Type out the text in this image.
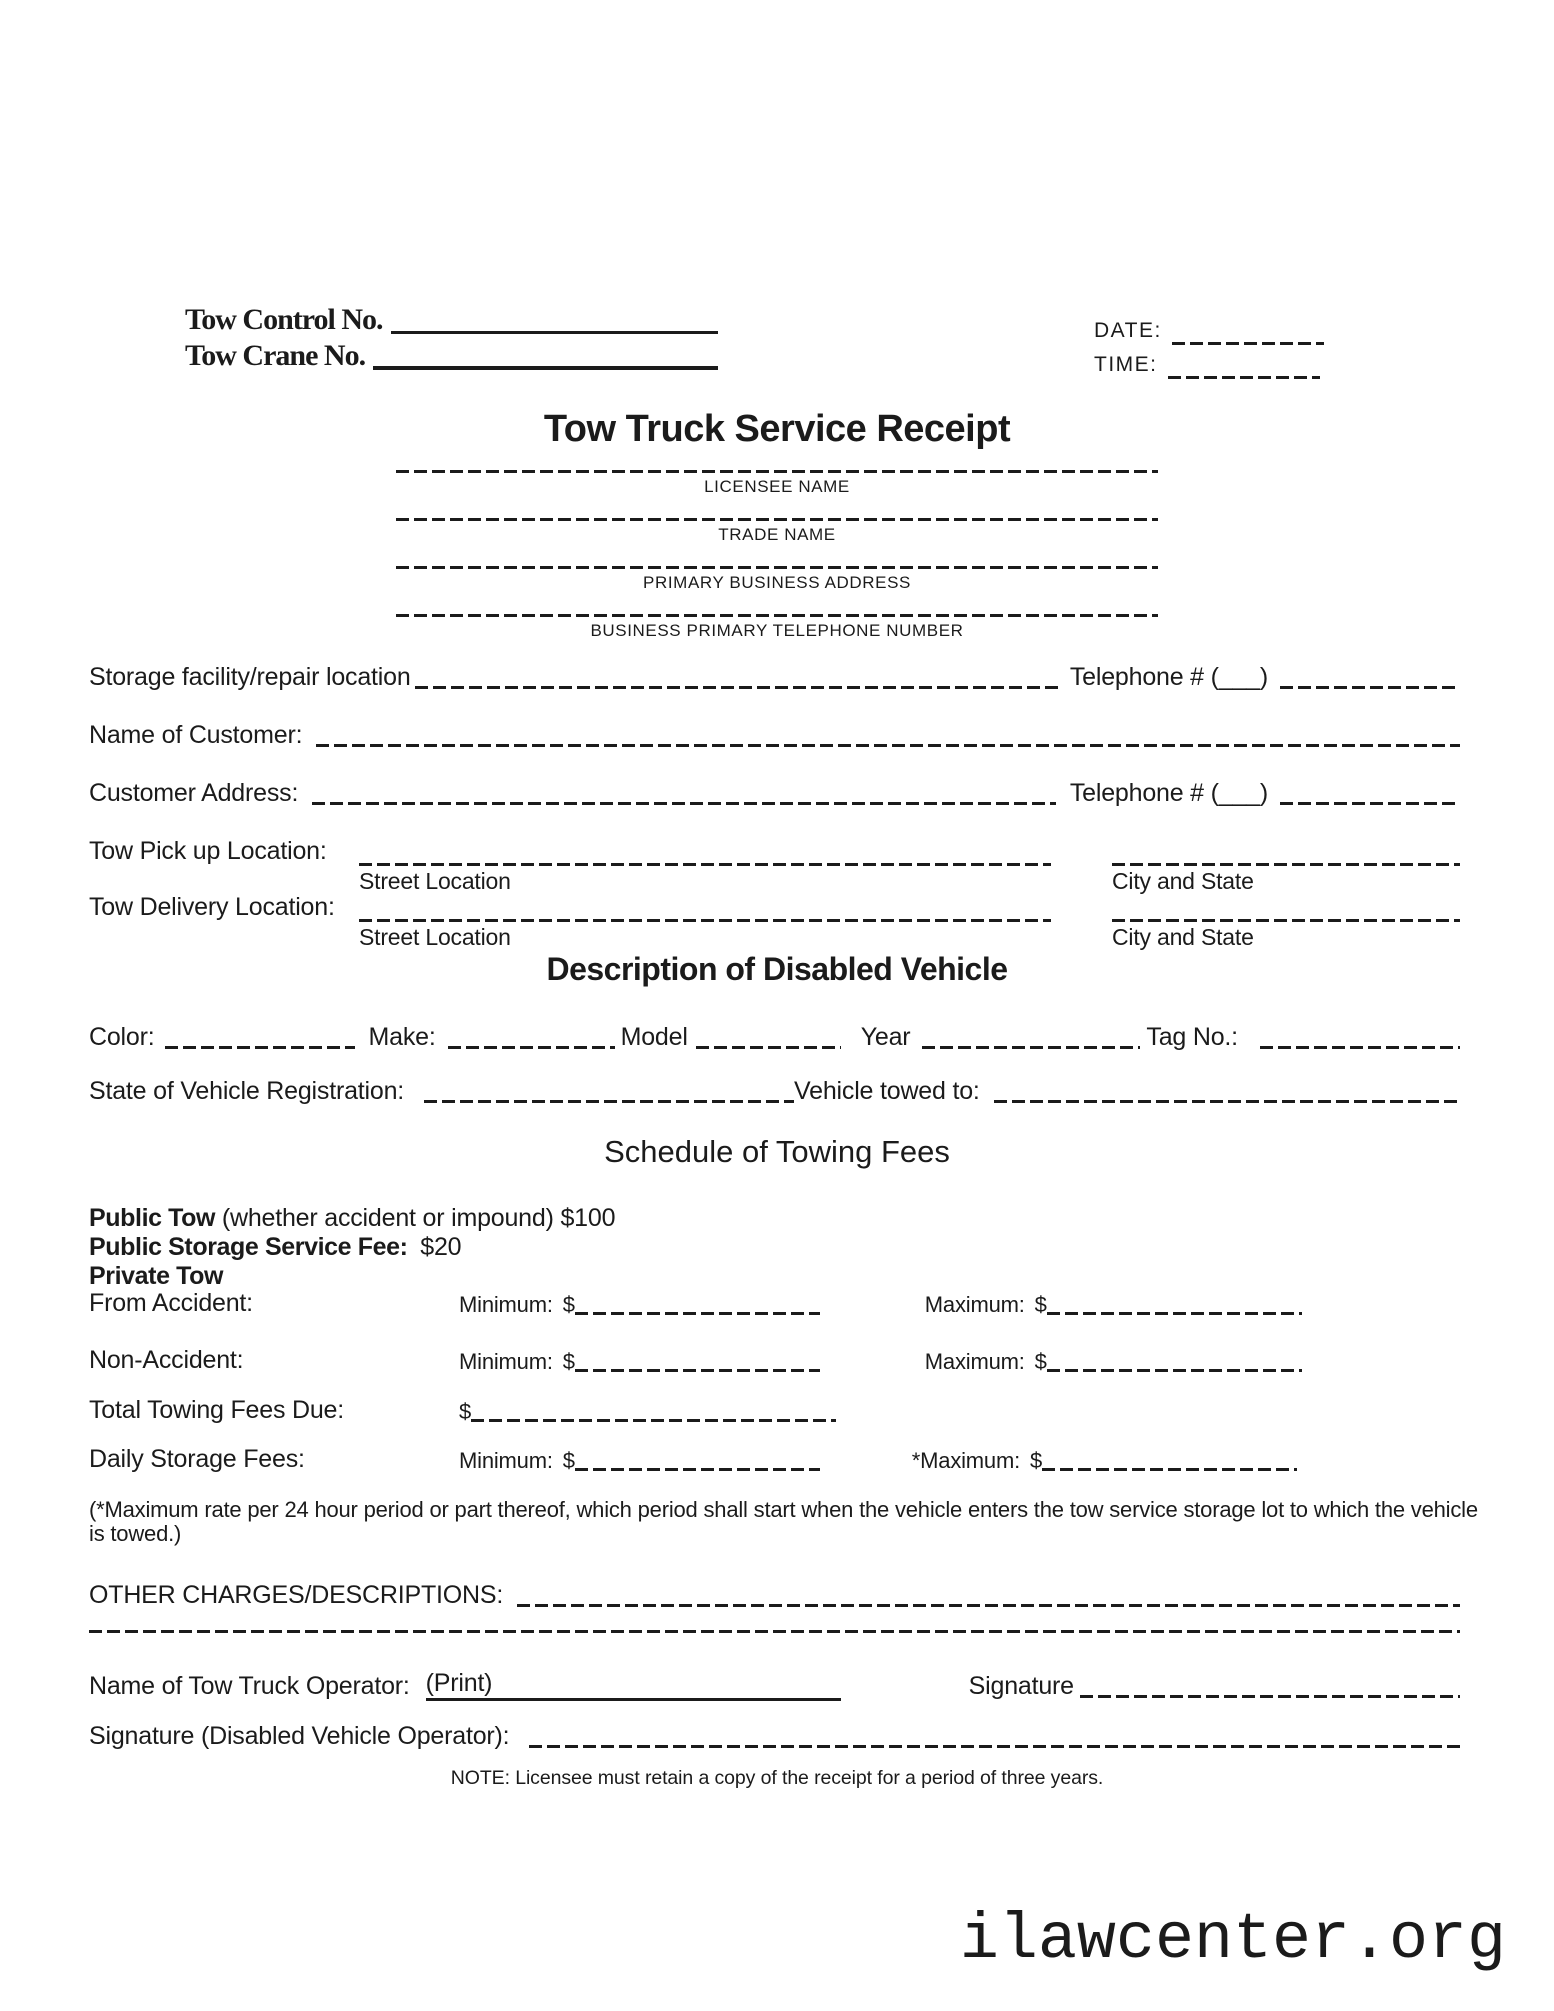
Tow Control No.
Tow Crane No.
DATE:
TIME:
Tow Truck Service Receipt
LICENSEE NAME
TRADE NAME
PRIMARY BUSINESS ADDRESS
BUSINESS PRIMARY TELEPHONE NUMBER
Storage facility/repair location	Telephone # (___)
Name of Customer:
Customer Address:	Telephone # (___)
Tow Pick up Location:
Street Location	City and State
Tow Delivery Location:
Street Location	City and State
Description of Disabled Vehicle
Color:	Make:	Model	Year	Tag No.:
State of Vehicle Registration:	Vehicle towed to:
Schedule of Towing Fees
Public Tow (whether accident or impound) $100
Public Storage Service Fee: $20
Private Tow
From Accident:	Minimum: $	Maximum: $
Non-Accident:	Minimum: $	Maximum: $
Total Towing Fees Due:	$
Daily Storage Fees:	Minimum: $	*Maximum: $
(*Maximum rate per 24 hour period or part thereof, which period shall start when the vehicle enters the tow service storage lot to which the vehicle is towed.)
OTHER CHARGES/DESCRIPTIONS:
Name of Tow Truck Operator: (Print)	Signature
Signature (Disabled Vehicle Operator):
NOTE: Licensee must retain a copy of the receipt for a period of three years.
ilawcenter.org
